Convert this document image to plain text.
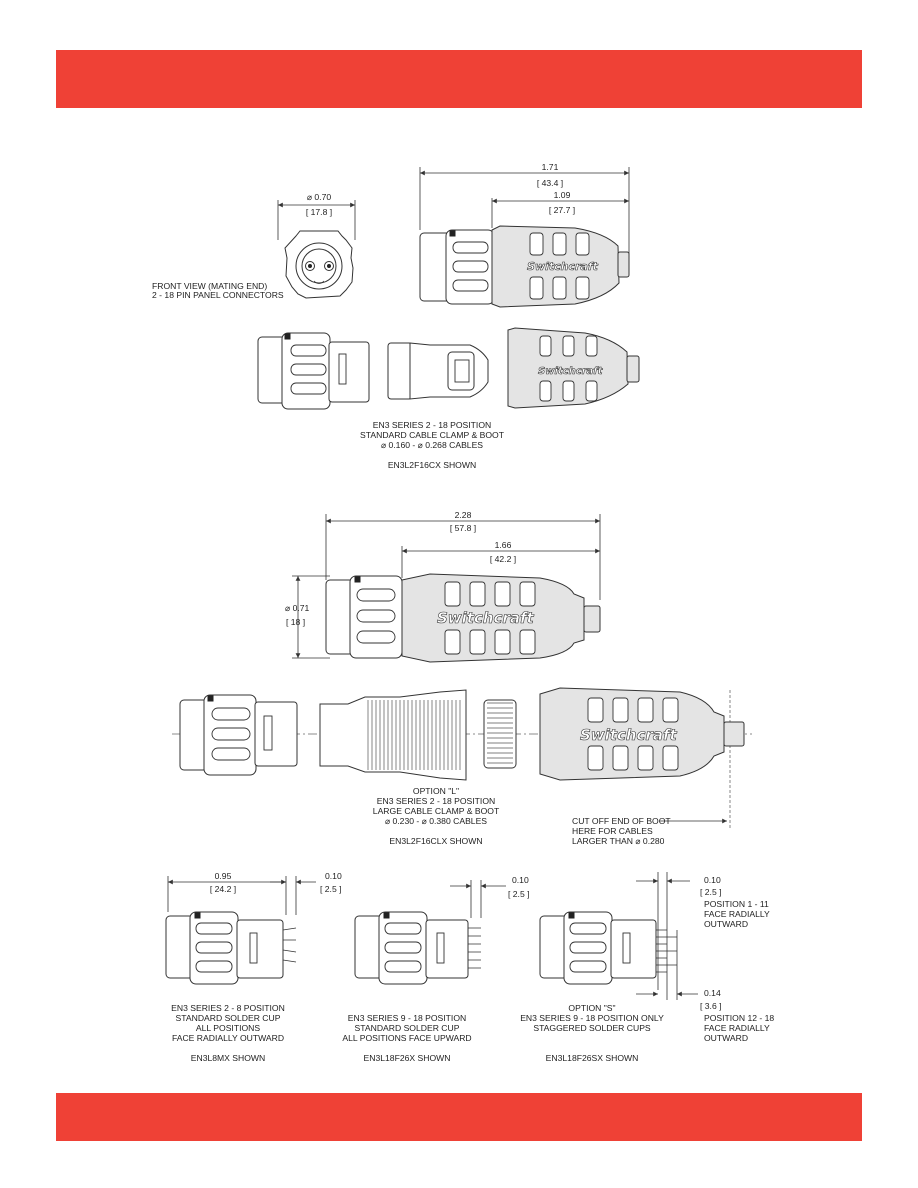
⌀ 0.70
[ 17.8 ]
FRONT VIEW (MATING END)
2 - 18 PIN PANEL CONNECTORS
1.71
[ 43.4 ]
1.09
[ 27.7 ]
Switchcraft
Switchcraft
EN3 SERIES 2 - 18 POSITION
STANDARD CABLE CLAMP & BOOT
⌀ 0.160 - ⌀ 0.268 CABLES
EN3L2F16CX SHOWN
2.28
[ 57.8 ]
1.66
[ 42.2 ]
⌀ 0.71
[ 18 ]	Switchcraft
Switchcraft
OPTION "L"
EN3 SERIES 2 - 18 POSITION
LARGE CABLE CLAMP & BOOT
⌀ 0.230 - ⌀ 0.380 CABLES
EN3L2F16CLX SHOWN
CUT OFF END OF BOOT
HERE FOR CABLES
LARGER THAN ⌀ 0.280
0.95
[ 24.2 ]
0.10
[ 2.5 ]
EN3 SERIES 2 - 8 POSITION
STANDARD SOLDER CUP
ALL POSITIONS
FACE RADIALLY OUTWARD
EN3L8MX SHOWN
0.10
[ 2.5 ]
EN3 SERIES 9 - 18 POSITION
STANDARD SOLDER CUP
ALL POSITIONS FACE UPWARD
EN3L18F26X SHOWN
0.10
[ 2.5 ]
POSITION 1 - 11
FACE RADIALLY
OUTWARD
0.14
[ 3.6 ]
POSITION 12 - 18
FACE RADIALLY
OUTWARD
OPTION "S"
EN3 SERIES 9 - 18 POSITION ONLY
STAGGERED SOLDER CUPS
EN3L18F26SX SHOWN
